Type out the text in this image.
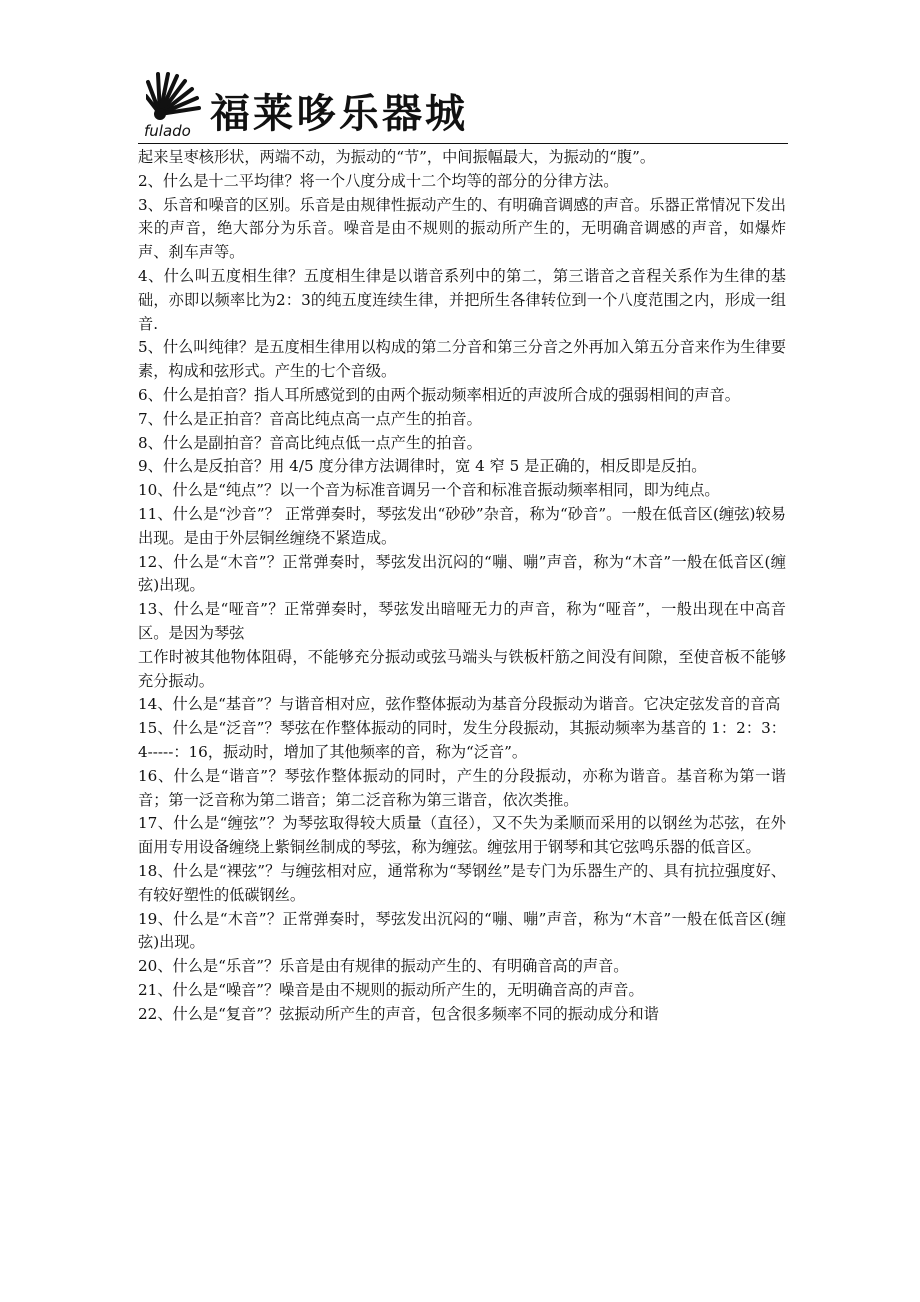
福莱哆乐器城
fulado

起来呈枣核形状，两端不动，为振动的“节”，中间振幅最大，为振动的“腹”。

2、什么是十二平均律？将一个八度分成十二个均等的部分的分律方法。

3、乐音和噪音的区别。乐音是由规律性振动产生的、有明确音调感的声音。乐器正常情况下发出来的声音，绝大部分为乐音。噪音是由不规则的振动所产生的，无明确音调感的声音，如爆炸声、刹车声等。

4、什么叫五度相生律？五度相生律是以谐音系列中的第二，第三谐音之音程关系作为生律的基础，亦即以频率比为2：3的纯五度连续生律，并把所生各律转位到一个八度范围之内，形成一组音.

5、什么叫纯律？是五度相生律用以构成的第二分音和第三分音之外再加入第五分音来作为生律要素，构成和弦形式。产生的七个音级。

6、什么是拍音？指人耳所感觉到的由两个振动频率相近的声波所合成的强弱相间的声音。

7、什么是正拍音？音高比纯点高一点产生的拍音。

8、什么是副拍音？音高比纯点低一点产生的拍音。

9、什么是反拍音？用 4/5 度分律方法调律时，宽 4 窄 5 是正确的，相反即是反拍。

10、什么是“纯点”？以一个音为标准音调另一个音和标准音振动频率相同，即为纯点。

11、什么是“沙音”？ 正常弹奏时，琴弦发出“砂砂”杂音，称为“砂音”。一般在低音区(缠弦)较易出现。是由于外层铜丝缠绕不紧造成。

12、什么是“木音”？正常弹奏时，琴弦发出沉闷的“嘣、嘣”声音，称为“木音”一般在低音区(缠弦)出现。

13、什么是“哑音”？正常弹奏时，琴弦发出暗哑无力的声音，称为“哑音”，一般出现在中高音区。是因为琴弦

工作时被其他物体阻碍，不能够充分振动或弦马端头与铁板杆筋之间没有间隙，至使音板不能够充分振动。

14、什么是“基音”？与谐音相对应，弦作整体振动为基音分段振动为谐音。它决定弦发音的音高

15、什么是“泛音”？琴弦在作整体振动的同时，发生分段振动，其振动频率为基音的 1：2：3：4-----：16，振动时，增加了其他频率的音，称为“泛音”。

16、什么是“谐音”？琴弦作整体振动的同时，产生的分段振动，亦称为谐音。基音称为第一谐音；第一泛音称为第二谐音；第二泛音称为第三谐音，依次类推。

17、什么是“缠弦”？为琴弦取得较大质量（直径），又不失为柔顺而采用的以钢丝为芯弦，在外面用专用设备缠绕上紫铜丝制成的琴弦，称为缠弦。缠弦用于钢琴和其它弦鸣乐器的低音区。

18、什么是“裸弦”？与缠弦相对应，通常称为“琴钢丝”是专门为乐器生产的、具有抗拉强度好、有较好塑性的低碳钢丝。

19、什么是“木音”？正常弹奏时，琴弦发出沉闷的“嘣、嘣”声音，称为“木音”一般在低音区(缠弦)出现。

20、什么是“乐音”？乐音是由有规律的振动产生的、有明确音高的声音。

21、什么是“噪音”？噪音是由不规则的振动所产生的，无明确音高的声音。

22、什么是“复音”？弦振动所产生的声音，包含很多频率不同的振动成分和谐
